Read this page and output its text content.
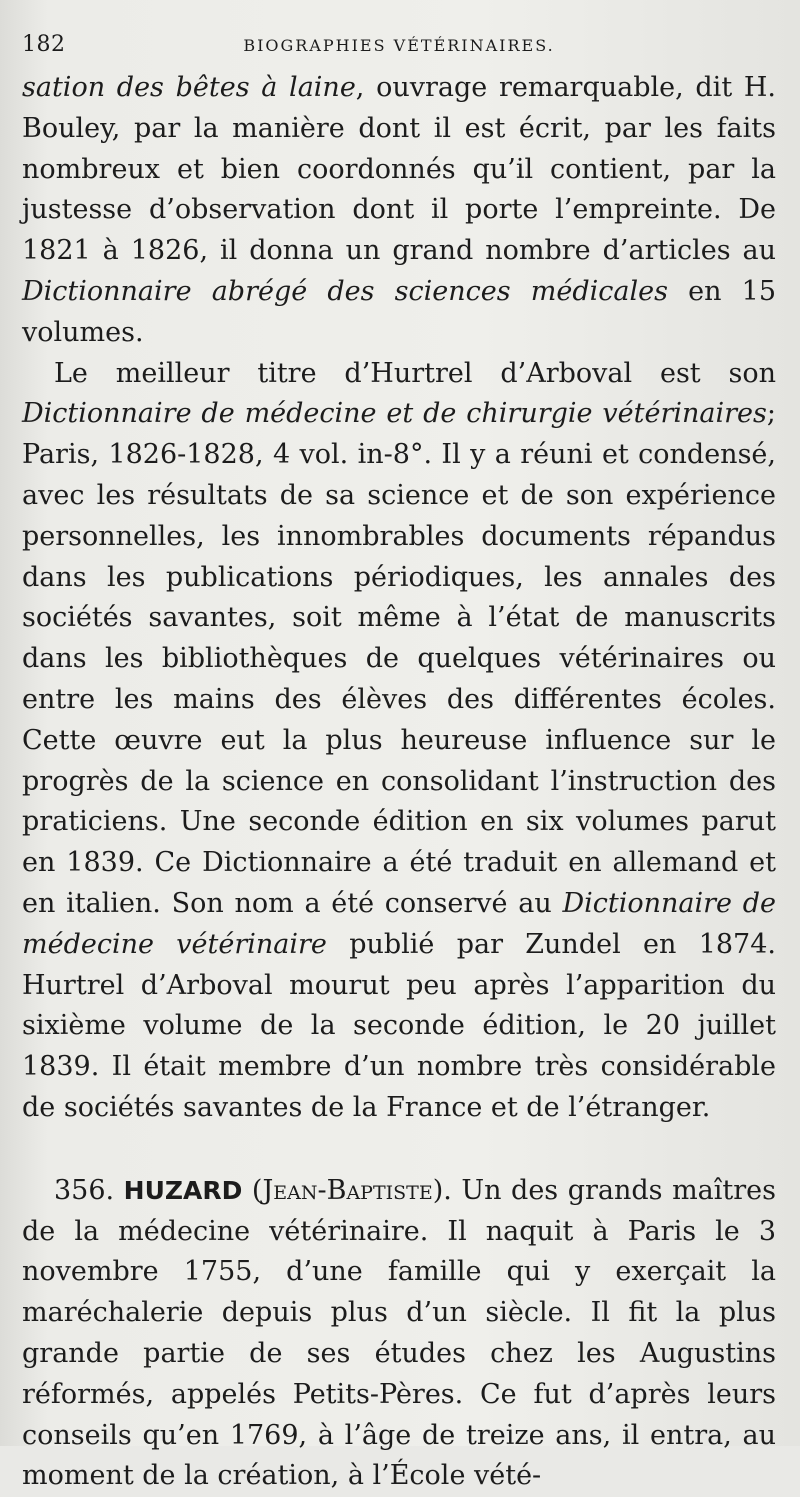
182	BIOGRAPHIES VÉTÉRINAIRES.

sation des bêtes à laine, ouvrage remarquable, dit H. Bouley, par la manière dont il est écrit, par les faits nombreux et bien coordonnés qu’il contient, par la justesse d’observation dont il porte l’empreinte. De 1821 à 1826, il donna un grand nombre d’articles au Dictionnaire abrégé des sciences médicales en 15 volumes.

Le meilleur titre d’Hurtrel d’Arboval est son Dictionnaire de médecine et de chirurgie vétérinaires; Paris, 1826-1828, 4 vol. in-8°. Il y a réuni et condensé, avec les résultats de sa science et de son expérience personnelles, les innombrables documents répandus dans les publications périodiques, les annales des sociétés savantes, soit même à l’état de manuscrits dans les bibliothèques de quelques vétérinaires ou entre les mains des élèves des différentes écoles. Cette œuvre eut la plus heureuse influence sur le progrès de la science en consolidant l’instruction des praticiens. Une seconde édition en six volumes parut en 1839. Ce Dictionnaire a été traduit en allemand et en italien. Son nom a été conservé au Dictionnaire de médecine vétérinaire publié par Zundel en 1874. Hurtrel d’Arboval mourut peu après l’apparition du sixième volume de la seconde édition, le 20 juillet 1839. Il était membre d’un nombre très considérable de sociétés savantes de la France et de l’étranger.

356. HUZARD (Jean-Baptiste). Un des grands maîtres de la médecine vétérinaire. Il naquit à Paris le 3 novembre 1755, d’une famille qui y exerçait la maréchalerie depuis plus d’un siècle. Il fit la plus grande partie de ses études chez les Augustins réformés, appelés Petits-Pères. Ce fut d’après leurs conseils qu’en 1769, à l’âge de treize ans, il entra, au moment de la création, à l’École vété-
